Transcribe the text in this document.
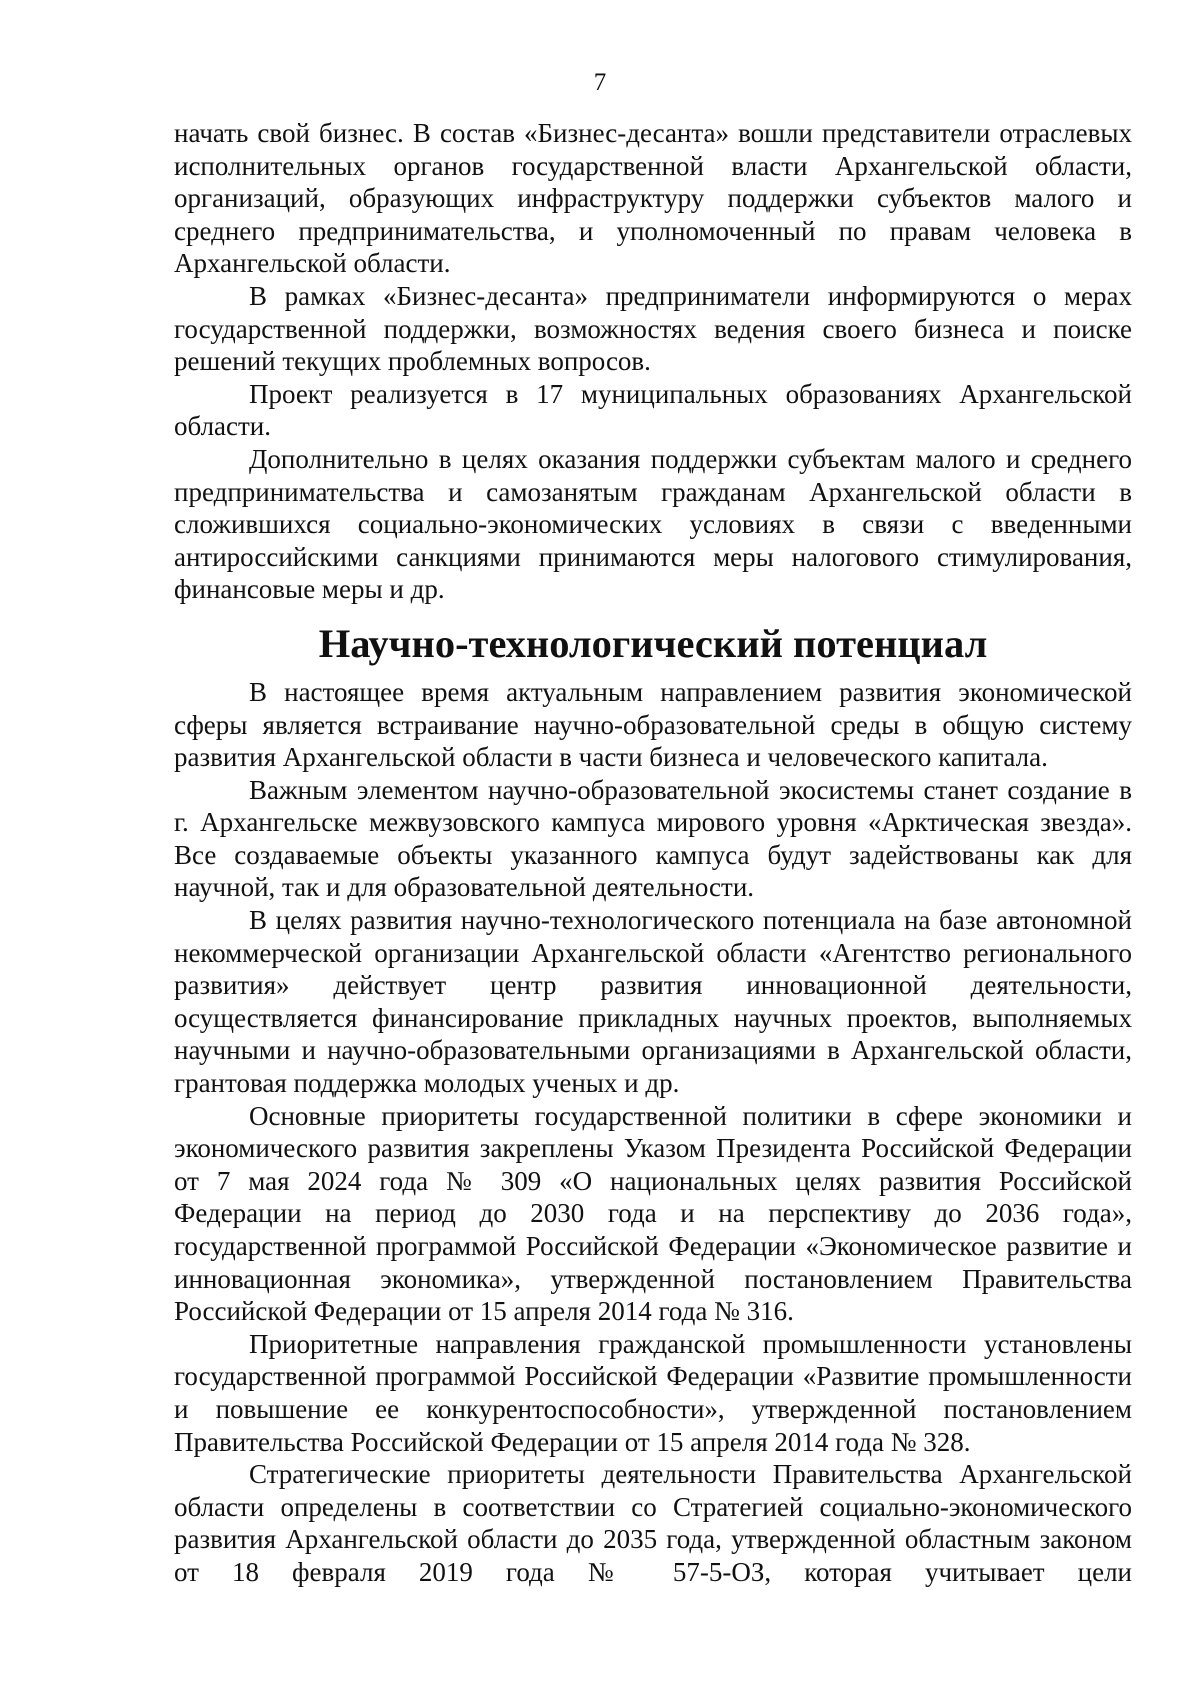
7

начать свой бизнес. В состав «Бизнес-десанта» вошли представители отраслевых исполнительных органов государственной власти Архангельской области, организаций, образующих инфраструктуру поддержки субъектов малого и среднего предпринимательства, и уполномоченный по правам человека в Архангельской области.

В рамках «Бизнес-десанта» предприниматели информируются о мерах государственной поддержки, возможностях ведения своего бизнеса и поиске решений текущих проблемных вопросов.

Проект реализуется в 17 муниципальных образованиях Архангельской области.

Дополнительно в целях оказания поддержки субъектам малого и среднего предпринимательства и самозанятым гражданам Архангельской области в сложившихся социально-экономических условиях в связи с введенными антироссийскими санкциями принимаются меры налогового стимулирования, финансовые меры и др.

Научно-технологический потенциал

В настоящее время актуальным направлением развития экономической сферы является встраивание научно-образовательной среды в общую систему развития Архангельской области в части бизнеса и человеческого капитала.

Важным элементом научно-образовательной экосистемы станет создание в г. Архангельске межвузовского кампуса мирового уровня «Арктическая звезда». Все создаваемые объекты указанного кампуса будут задействованы как для научной, так и для образовательной деятельности.

В целях развития научно-технологического потенциала на базе автономной некоммерческой организации Архангельской области «Агентство регионального развития» действует центр развития инновационной деятельности, осуществляется финансирование прикладных научных проектов, выполняемых научными и научно-образовательными организациями в Архангельской области, грантовая поддержка молодых ученых и др.

Основные приоритеты государственной политики в сфере экономики и экономического развития закреплены Указом Президента Российской Федерации от 7 мая 2024 года № 309 «О национальных целях развития Российской Федерации на период до 2030 года и на перспективу до 2036 года», государственной программой Российской Федерации «Экономическое развитие и инновационная экономика», утвержденной постановлением Правительства Российской Федерации от 15 апреля 2014 года № 316.

Приоритетные направления гражданской промышленности установлены государственной программой Российской Федерации «Развитие промышленности и повышение ее конкурентоспособности», утвержденной постановлением Правительства Российской Федерации от 15 апреля 2014 года № 328.

Стратегические приоритеты деятельности Правительства Архангельской области определены в соответствии со Стратегией социально-экономического развития Архангельской области до 2035 года, утвержденной областным законом от 18 февраля 2019 года № 57-5-ОЗ, которая учитывает цели
